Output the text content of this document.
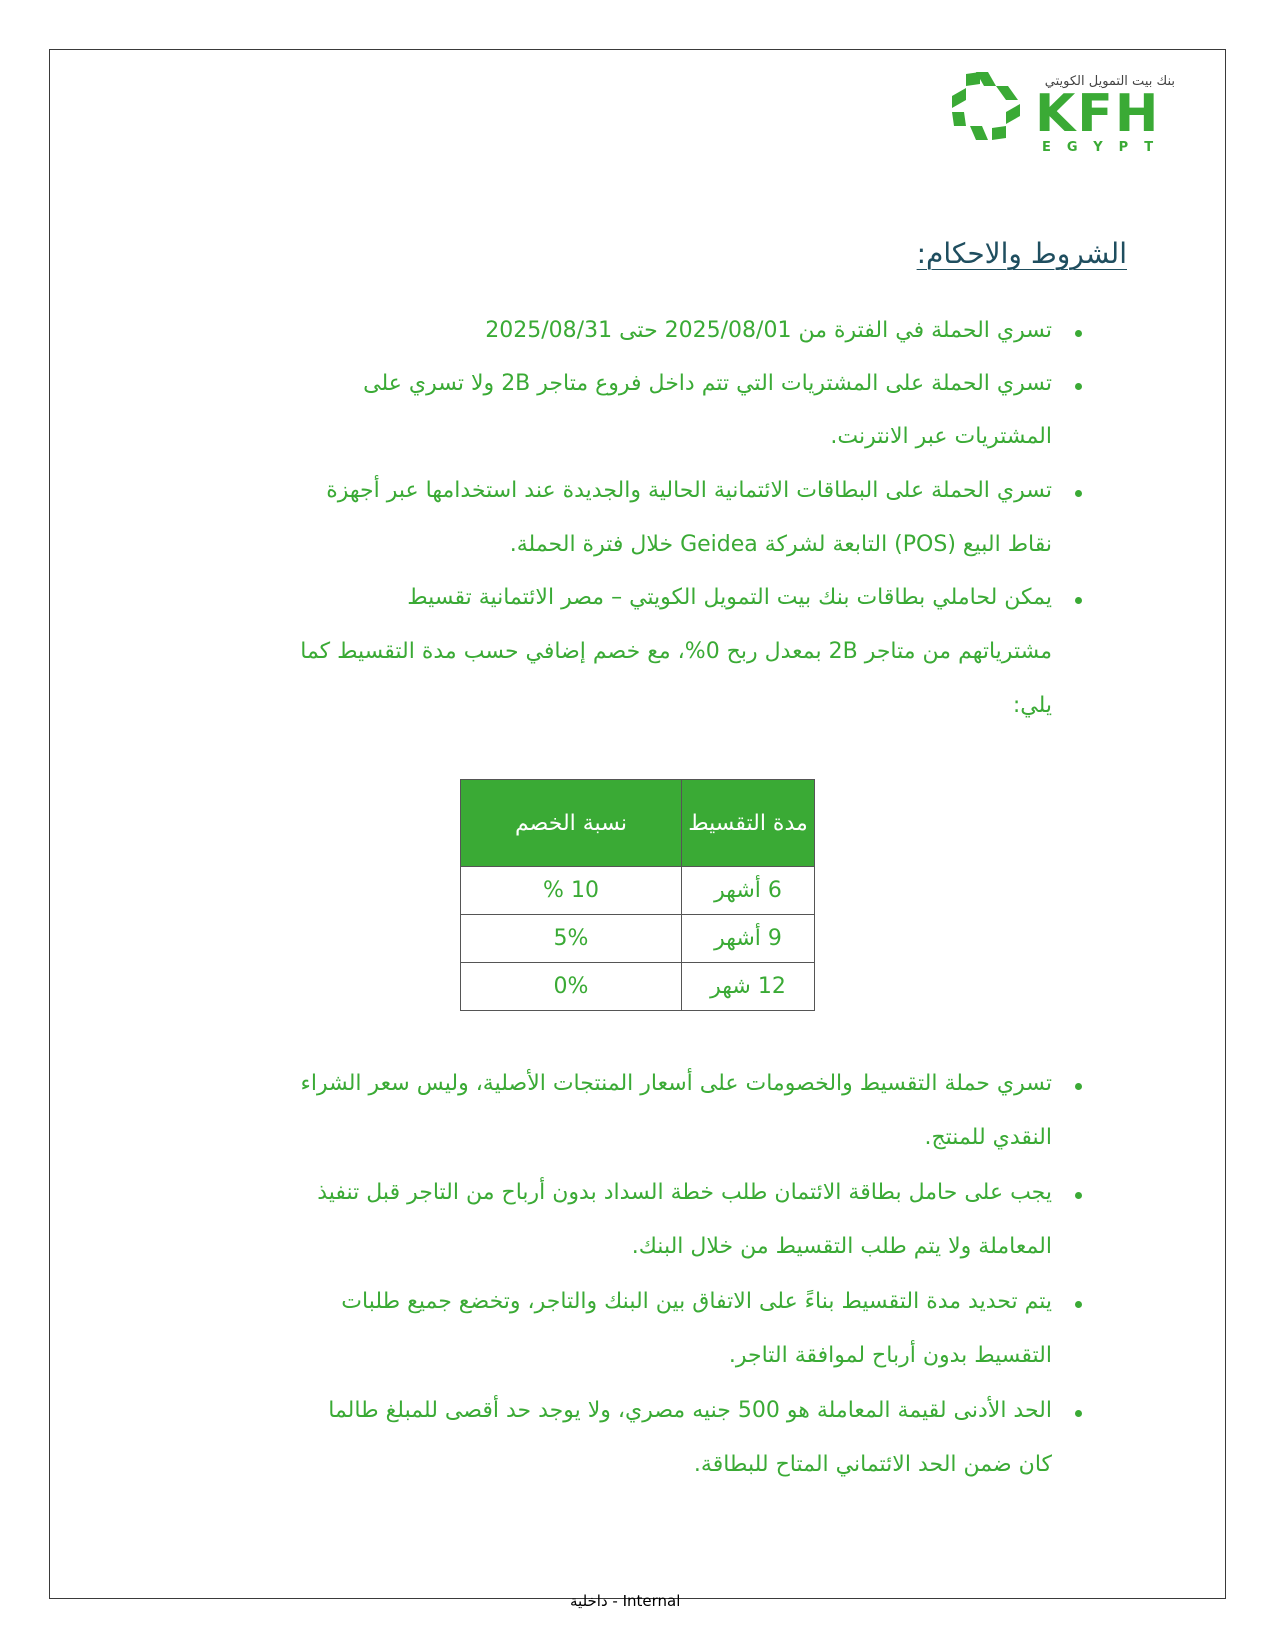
بنك بيت التمويل الكويتي
KFH
EGYPT
الشروط والاحكام:
تسري الحملة في الفترة من 2025/08/01 حتى 2025/08/31
تسري الحملة على المشتريات التي تتم داخل فروع متاجر 2B ولا تسري على
المشتريات عبر الانترنت.
تسري الحملة على البطاقات الائتمانية الحالية والجديدة عند استخدامها عبر أجهزة
نقاط البيع (POS) التابعة لشركة Geidea خلال فترة الحملة.
يمكن لحاملي بطاقات بنك بيت التمويل الكويتي – مصر الائتمانية تقسيط
مشترياتهم من متاجر 2B بمعدل ربح 0%، مع خصم إضافي حسب مدة التقسيط كما
يلي:
مدة التقسيط	نسبة الخصم
6 أشهر	10 %
9 أشهر	5%
12 شهر	0%
تسري حملة التقسيط والخصومات على أسعار المنتجات الأصلية، وليس سعر الشراء
النقدي للمنتج.
يجب على حامل بطاقة الائتمان طلب خطة السداد بدون أرباح من التاجر قبل تنفيذ
المعاملة ولا يتم طلب التقسيط من خلال البنك.
يتم تحديد مدة التقسيط بناءً على الاتفاق بين البنك والتاجر، وتخضع جميع طلبات
التقسيط بدون أرباح لموافقة التاجر.
الحد الأدنى لقيمة المعاملة هو 500 جنيه مصري، ولا يوجد حد أقصى للمبلغ طالما
كان ضمن الحد الائتماني المتاح للبطاقة.
داخلية - Internal
